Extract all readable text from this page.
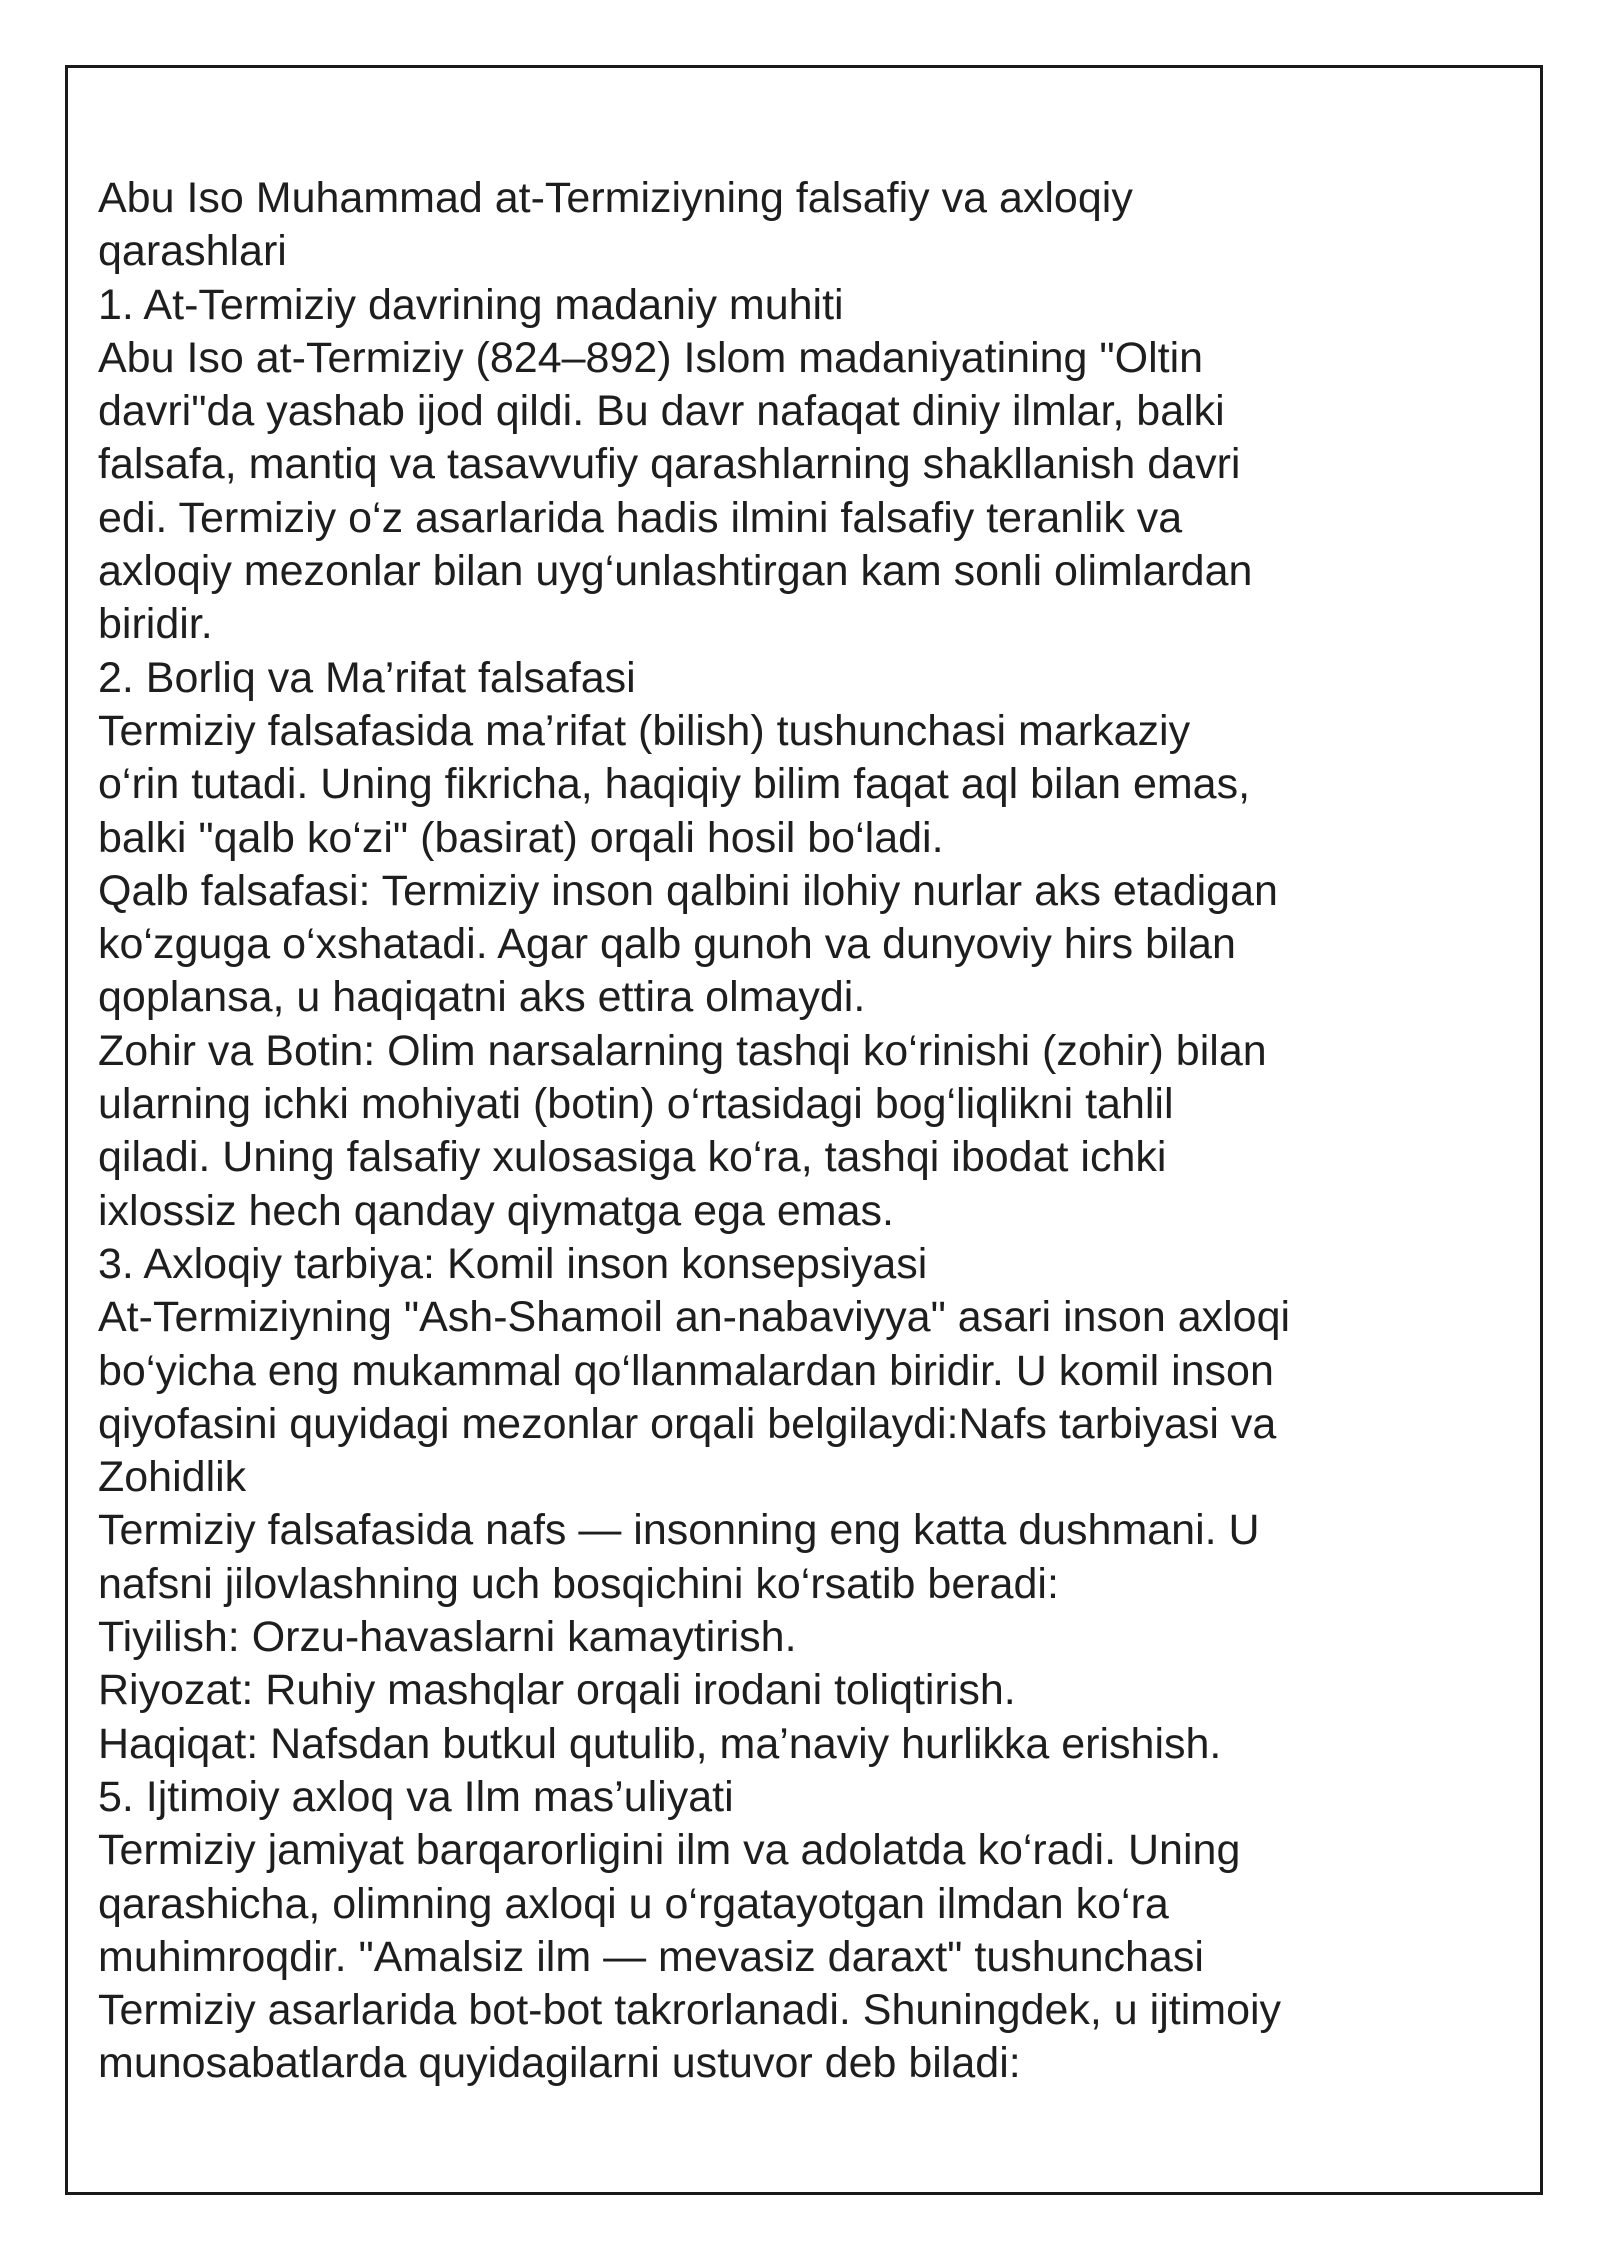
Abu Iso Muhammad at-Termiziyning falsafiy va axloqiy
qarashlari
1. At-Termiziy davrining madaniy muhiti
Abu Iso at-Termiziy (824–892) Islom madaniyatining "Oltin
davri"da yashab ijod qildi. Bu davr nafaqat diniy ilmlar, balki
falsafa, mantiq va tasavvufiy qarashlarning shakllanish davri
edi. Termiziy o‘z asarlarida hadis ilmini falsafiy teranlik va
axloqiy mezonlar bilan uyg‘unlashtirgan kam sonli olimlardan
biridir.
2. Borliq va Ma’rifat falsafasi
Termiziy falsafasida ma’rifat (bilish) tushunchasi markaziy
o‘rin tutadi. Uning fikricha, haqiqiy bilim faqat aql bilan emas,
balki "qalb ko‘zi" (basirat) orqali hosil bo‘ladi.
Qalb falsafasi: Termiziy inson qalbini ilohiy nurlar aks etadigan
ko‘zguga o‘xshatadi. Agar qalb gunoh va dunyoviy hirs bilan
qoplansa, u haqiqatni aks ettira olmaydi.
Zohir va Botin: Olim narsalarning tashqi ko‘rinishi (zohir) bilan
ularning ichki mohiyati (botin) o‘rtasidagi bog‘liqlikni tahlil
qiladi. Uning falsafiy xulosasiga ko‘ra, tashqi ibodat ichki
ixlossiz hech qanday qiymatga ega emas.
3. Axloqiy tarbiya: Komil inson konsepsiyasi
At-Termiziyning "Ash-Shamoil an-nabaviyya" asari inson axloqi
bo‘yicha eng mukammal qo‘llanmalardan biridir. U komil inson
qiyofasini quyidagi mezonlar orqali belgilaydi:Nafs tarbiyasi va
Zohidlik
Termiziy falsafasida nafs — insonning eng katta dushmani. U
nafsni jilovlashning uch bosqichini ko‘rsatib beradi:
Tiyilish: Orzu-havaslarni kamaytirish.
Riyozat: Ruhiy mashqlar orqali irodani toliqtirish.
Haqiqat: Nafsdan butkul qutulib, ma’naviy hurlikka erishish.
5. Ijtimoiy axloq va Ilm mas’uliyati
Termiziy jamiyat barqarorligini ilm va adolatda ko‘radi. Uning
qarashicha, olimning axloqi u o‘rgatayotgan ilmdan ko‘ra
muhimroqdir. "Amalsiz ilm — mevasiz daraxt" tushunchasi
Termiziy asarlarida bot-bot takrorlanadi. Shuningdek, u ijtimoiy
munosabatlarda quyidagilarni ustuvor deb biladi:
